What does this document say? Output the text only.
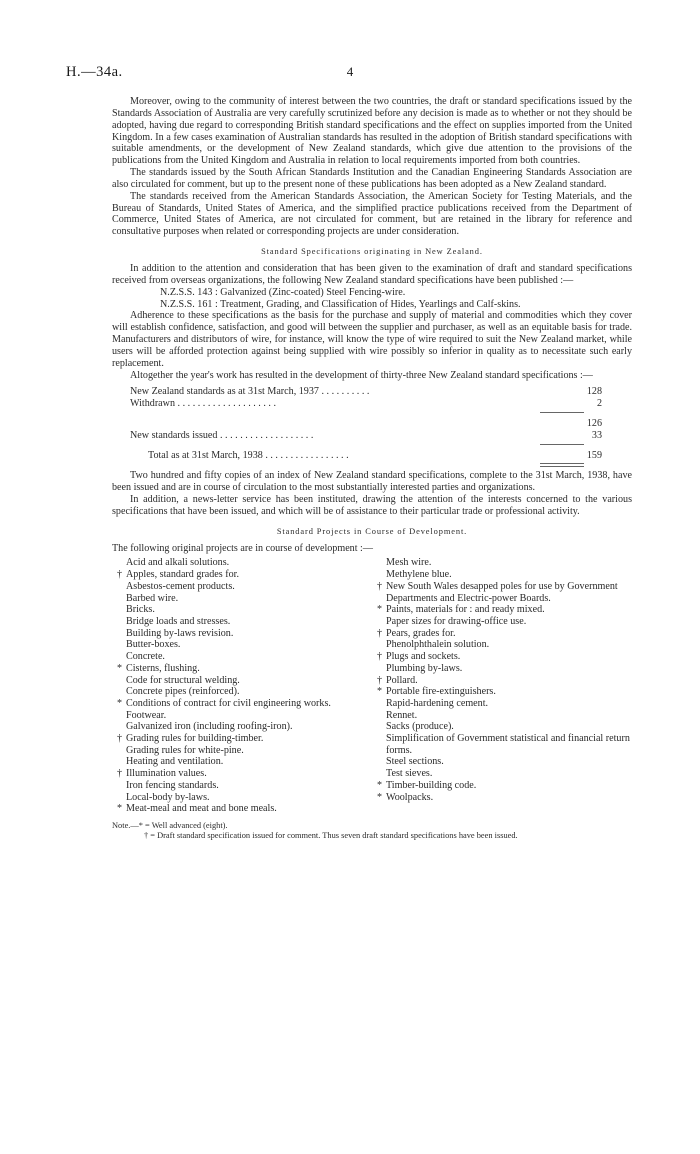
H.—34a.	4

Moreover, owing to the community of interest between the two countries, the draft or standard specifications issued by the Standards Association of Australia are very carefully scrutinized before any decision is made as to whether or not they should be adopted, having due regard to corresponding British standard specifications and the effect on supplies imported from the United Kingdom. In a few cases examination of Australian standards has resulted in the adoption of British standard specifications with suitable amendments, or the development of New Zealand standards, which give due attention to the provisions of the publications from the United Kingdom and Australia in relation to local requirements imported from both countries.

The standards issued by the South African Standards Institution and the Canadian Engineering Standards Association are also circulated for comment, but up to the present none of these publications has been adopted as a New Zealand standard.

The standards received from the American Standards Association, the American Society for Testing Materials, and the Bureau of Standards, United States of America, and the simplified practice publications received from the Department of Commerce, United States of America, are not circulated for comment, but are retained in the library for reference and consultative purposes when related or corresponding projects are under consideration.

Standard Specifications originating in New Zealand.

In addition to the attention and consideration that has been given to the examination of draft and standard specifications received from overseas organizations, the following New Zealand standard specifications have been published :—

N.Z.S.S. 143 : Galvanized (Zinc-coated) Steel Fencing-wire.

N.Z.S.S. 161 : Treatment, Grading, and Classification of Hides, Yearlings and Calf-skins.

Adherence to these specifications as the basis for the purchase and supply of material and commodities which they cover will establish confidence, satisfaction, and good will between the supplier and purchaser, as well as an equitable basis for trade. Manufacturers and distributors of wire, for instance, will know the type of wire required to suit the New Zealand market, while users will be afforded protection against being supplied with wire possibly so inferior in quality as to necessitate such early replacement.

Altogether the year's work has resulted in the development of thirty-three New Zealand standard specifications :—

New Zealand standards as at 31st March, 1937 . . . . . . . . . .	128
Withdrawn . . . . . . . . . . . . . . . . . . . .	2
126
New standards issued . . . . . . . . . . . . . . . . . . .	33
Total as at 31st March, 1938 . . . . . . . . . . . . . . . . .	159

Two hundred and fifty copies of an index of New Zealand standard specifications, complete to the 31st March, 1938, have been issued and are in course of circulation to the most substantially interested parties and organizations.

In addition, a news-letter service has been instituted, drawing the attention of the interests concerned to the various specifications that have been issued, and which will be of assistance to their particular trade or professional activity.

Standard Projects in Course of Development.

The following original projects are in course of development :—

Acid and alkali solutions.
† Apples, standard grades for.
Asbestos-cement products.
Barbed wire.
Bricks.
Bridge loads and stresses.
Building by-laws revision.
Butter-boxes.
Concrete.
* Cisterns, flushing.
Code for structural welding.
Concrete pipes (reinforced).
* Conditions of contract for civil engineering works.
Footwear.
Galvanized iron (including roofing-iron).
† Grading rules for building-timber.
Grading rules for white-pine.
Heating and ventilation.
† Illumination values.
Iron fencing standards.
Local-body by-laws.
* Meat-meal and meat and bone meals.
Mesh wire.
Methylene blue.
† New South Wales desapped poles for use by Government Departments and Electric-power Boards.
* Paints, materials for : and ready mixed.
Paper sizes for drawing-office use.
† Pears, grades for.
Phenolphthalein solution.
† Plugs and sockets.
Plumbing by-laws.
† Pollard.
* Portable fire-extinguishers.
Rapid-hardening cement.
Rennet.
Sacks (produce).
Simplification of Government statistical and financial return forms.
Steel sections.
Test sieves.
* Timber-building code.
* Woolpacks.
Note.—* = Well advanced (eight).
† = Draft standard specification issued for comment. Thus seven draft standard specifications have been issued.
